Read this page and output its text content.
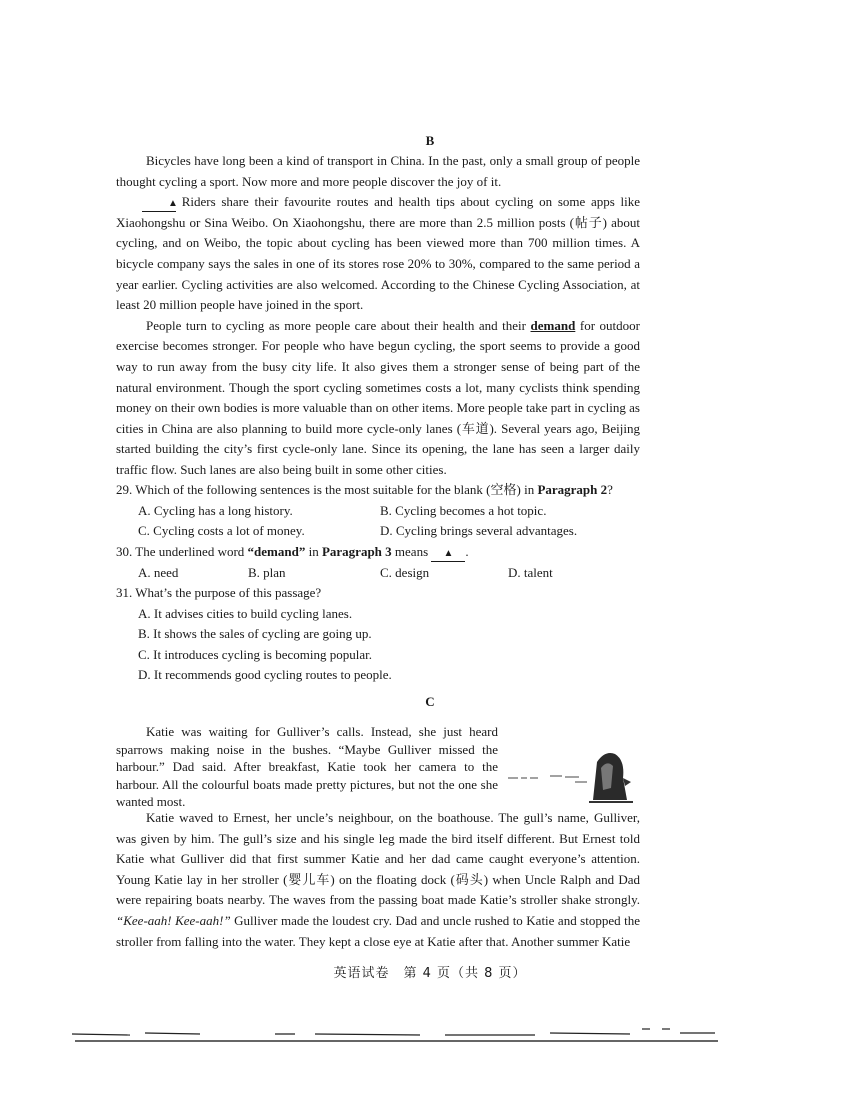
B

Bicycles have long been a kind of transport in China. In the past, only a small group of people thought cycling a sport. Now more and more people discover the joy of it.

▲ Riders share their favourite routes and health tips about cycling on some apps like Xiaohongshu or Sina Weibo. On Xiaohongshu, there are more than 2.5 million posts (帖子) about cycling, and on Weibo, the topic about cycling has been viewed more than 700 million times. A bicycle company says the sales in one of its stores rose 20% to 30%, compared to the same period a year earlier. Cycling activities are also welcomed. According to the Chinese Cycling Association, at least 20 million people have joined in the sport.

People turn to cycling as more people care about their health and their demand for outdoor exercise becomes stronger. For people who have begun cycling, the sport seems to provide a good way to run away from the busy city life. It also gives them a stronger sense of being part of the natural environment. Though the sport cycling sometimes costs a lot, many cyclists think spending money on their own bodies is more valuable than on other items. More people take part in cycling as cities in China are also planning to build more cycle-only lanes (车道). Several years ago, Beijing started building the city’s first cycle-only lane. Since its opening, the lane has seen a larger daily traffic flow. Such lanes are also being built in some other cities.

29. Which of the following sentences is the most suitable for the blank (空格) in Paragraph 2?

A. Cycling has a long history.	B. Cycling becomes a hot topic.
C. Cycling costs a lot of money.	D. Cycling brings several advantages.

30. The underlined word “demand” in Paragraph 3 means ▲ .

A. need	B. plan	C. design	D. talent

31. What’s the purpose of this passage?

A. It advises cities to build cycling lanes.

B. It shows the sales of cycling are going up.

C. It introduces cycling is becoming popular.

D. It recommends good cycling routes to people.

C

Katie was waiting for Gulliver’s calls. Instead, she just heard sparrows making noise in the bushes. “Maybe Gulliver missed the harbour.” Dad said. After breakfast, Katie took her camera to the harbour. All the colourful boats made pretty pictures, but not the one she wanted most.

Katie waved to Ernest, her uncle’s neighbour, on the boathouse. The gull’s name, Gulliver, was given by him. The gull’s size and his single leg made the bird itself different. But Ernest told Katie what Gulliver did that first summer Katie and her dad came caught everyone’s attention. Young Katie lay in her stroller (婴儿车) on the floating dock (码头) when Uncle Ralph and Dad were repairing boats nearby. The waves from the passing boat made Katie’s stroller shake strongly. “Kee-aah! Kee-aah!” Gulliver made the loudest cry. Dad and uncle rushed to Katie and stopped the stroller from falling into the water. They kept a close eye at Katie after that. Another summer Katie

英语试卷　第 4 页（共 8 页）
